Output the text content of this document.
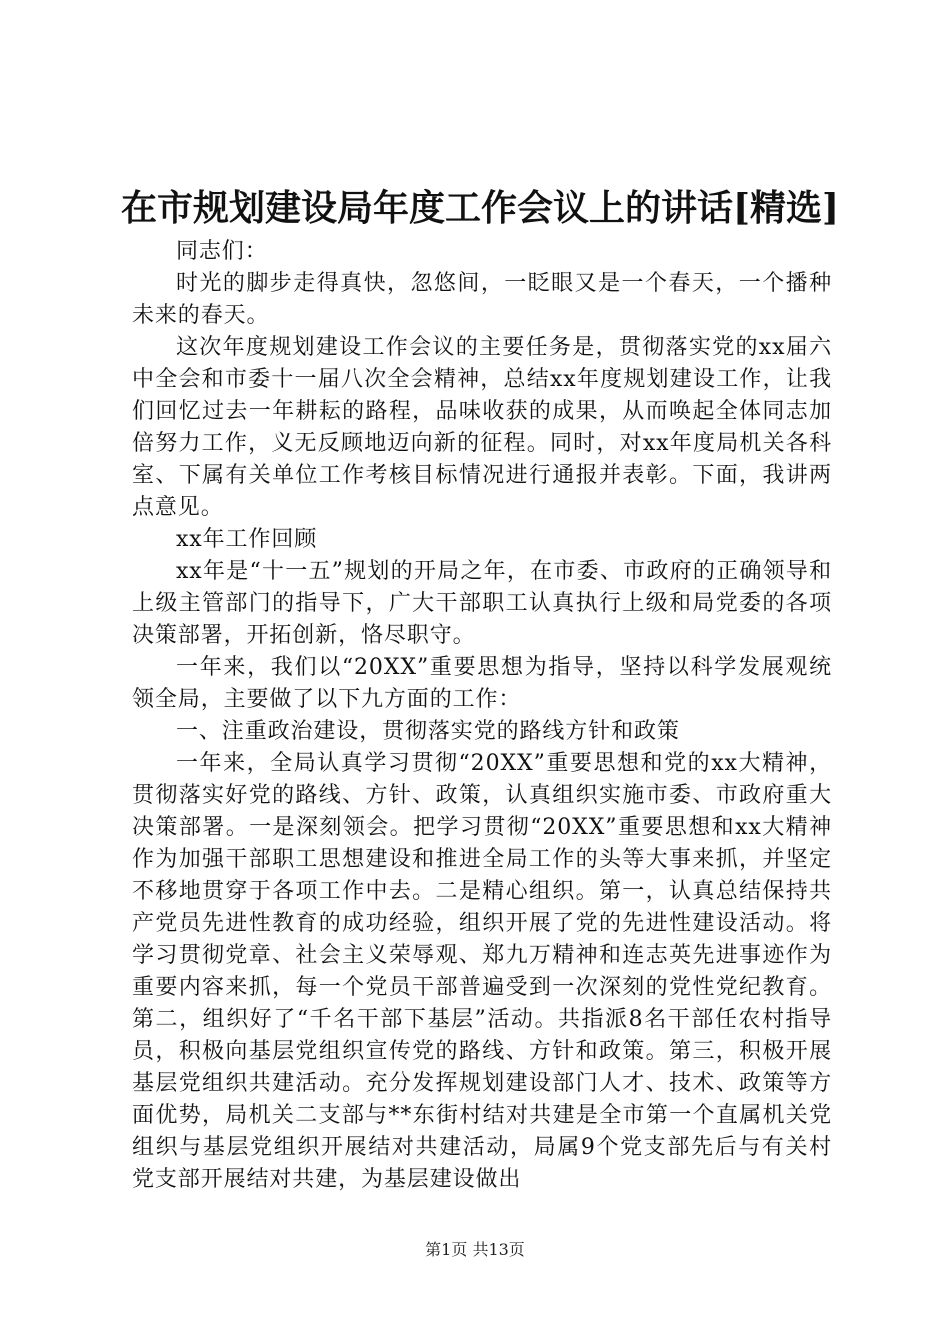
在市规划建设局年度工作会议上的讲话[精选]

同志们：

时光的脚步走得真快，忽悠间，一眨眼又是一个春天，一个播种未来的春天。

这次年度规划建设工作会议的主要任务是，贯彻落实党的xx届六中全会和市委十一届八次全会精神，总结xx年度规划建设工作，让我们回忆过去一年耕耘的路程，品味收获的成果，从而唤起全体同志加倍努力工作，义无反顾地迈向新的征程。同时，对xx年度局机关各科室、下属有关单位工作考核目标情况进行通报并表彰。下面，我讲两点意见。

xx年工作回顾

xx年是“十一五”规划的开局之年，在市委、市政府的正确领导和上级主管部门的指导下，广大干部职工认真执行上级和局党委的各项决策部署，开拓创新，恪尽职守。

一年来，我们以“20XX”重要思想为指导，坚持以科学发展观统领全局，主要做了以下九方面的工作：

一、注重政治建设，贯彻落实党的路线方针和政策

一年来，全局认真学习贯彻“20XX”重要思想和党的xx大精神，贯彻落实好党的路线、方针、政策，认真组织实施市委、市政府重大决策部署。一是深刻领会。把学习贯彻“20XX”重要思想和xx大精神作为加强干部职工思想建设和推进全局工作的头等大事来抓，并坚定不移地贯穿于各项工作中去。二是精心组织。第一，认真总结保持共产党员先进性教育的成功经验，组织开展了党的先进性建设活动。将学习贯彻党章、社会主义荣辱观、郑九万精神和连志英先进事迹作为重要内容来抓，每一个党员干部普遍受到一次深刻的党性党纪教育。第二，组织好了“千名干部下基层”活动。共指派8名干部任农村指导员，积极向基层党组织宣传党的路线、方针和政策。第三，积极开展基层党组织共建活动。充分发挥规划建设部门人才、技术、政策等方面优势，局机关二支部与**东街村结对共建是全市第一个直属机关党组织与基层党组织开展结对共建活动，局属9个党支部先后与有关村党支部开展结对共建，为基层建设做出

第1页 共13页
